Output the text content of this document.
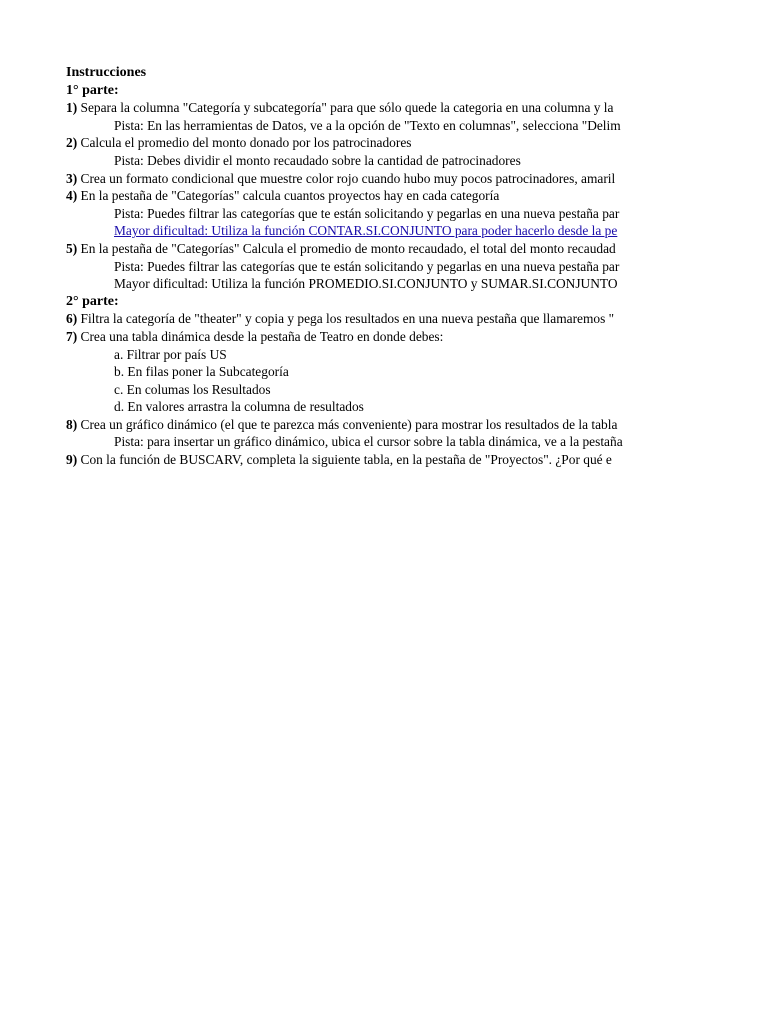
Instrucciones
1° parte:
1) Separa la columna "Categoría y subcategoría" para que sólo quede la categoria en una columna y la
Pista: En las herramientas de Datos, ve a la opción de "Texto en columnas", selecciona "Delim
2) Calcula el promedio del monto donado por los patrocinadores
Pista: Debes dividir el monto recaudado sobre la cantidad de patrocinadores
3) Crea un formato condicional que muestre color rojo cuando hubo muy pocos patrocinadores, amaril
4) En la pestaña de "Categorías" calcula cuantos proyectos hay en cada categoría
Pista: Puedes filtrar las categorías que te están solicitando y pegarlas en una nueva pestaña par
Mayor dificultad: Utiliza la función CONTAR.SI.CONJUNTO para poder hacerlo desde la pe
5) En la pestaña de "Categorías" Calcula el promedio de monto recaudado, el total del monto recaudad
Pista: Puedes filtrar las categorías que te están solicitando y pegarlas en una nueva pestaña par
Mayor dificultad: Utiliza la función PROMEDIO.SI.CONJUNTO y SUMAR.SI.CONJUNTO
2° parte:
6) Filtra la categoría de "theater" y copia y pega los resultados en una nueva pestaña que llamaremos "
7) Crea una tabla dinámica desde la pestaña de Teatro en donde debes:
a. Filtrar por país US
b. En filas poner la Subcategoría
c. En columas los Resultados
d. En valores arrastra la columna de resultados
8) Crea un gráfico dinámico (el que te parezca más conveniente) para mostrar los resultados de la tabla
Pista: para insertar un gráfico dinámico, ubica el cursor sobre la tabla dinámica, ve a la pestaña
9) Con la función de BUSCARV, completa la siguiente tabla, en la pestaña de "Proyectos". ¿Por qué e
